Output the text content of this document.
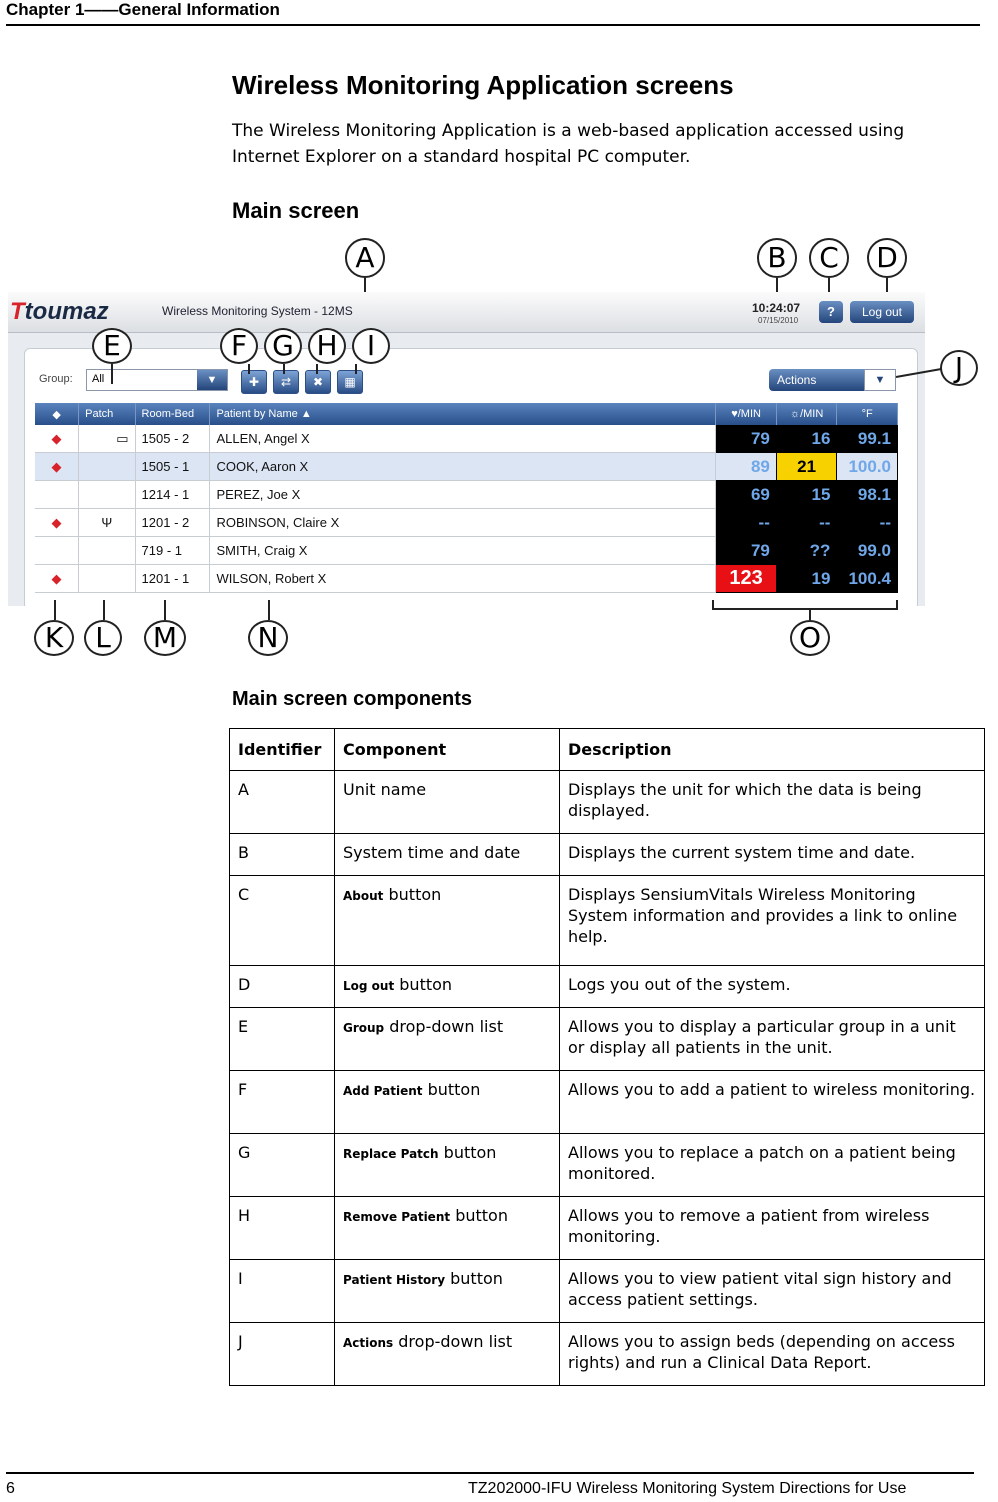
Chapter 1——General Information
Wireless Monitoring Application screens
The Wireless Monitoring Application is a web-based application accessed using Internet Explorer on a standard hospital PC computer.
Main screen
A	B	C	D
Ttoumaz	Wireless Monitoring System - 12MS	10:24:07
07/15/2010
?	Log out
Group: All	▼	✚	⇄	✖	▦	Actions	▼
◆	Patch	Room-Bed	Patient by Name ▲	♥/MIN	☼/MIN	°F
◆	▭	1505 - 2	ALLEN, Angel X	79	16	99.1
◆		1505 - 1	COOK, Aaron X	89	21	100.0
		1214 - 1	PEREZ, Joe X	69	15	98.1
◆	Ψ	1201 - 2	ROBINSON, Claire X	--	--	--
		719 - 1	SMITH, Craig X	79	??	99.0
◆		1201 - 1	WILSON, Robert X	123	19	100.4
E	F G H	I
J
K	L	M	N	O
Main screen components
Identifier	Component	Description
A	Unit name	Displays the unit for which the data is being displayed.
B	System time and date	Displays the current system time and date.
C	About button	Displays SensiumVitals Wireless Monitoring System information and provides a link to online help.
D	Log out button	Logs you out of the system.
E	Group drop-down list	Allows you to display a particular group in a unit or display all patients in the unit.
F	Add Patient button	Allows you to add a patient to wireless monitoring.
G	Replace Patch button	Allows you to replace a patch on a patient being monitored.
H	Remove Patient button	Allows you to remove a patient from wireless monitoring.
I	Patient History button	Allows you to view patient vital sign history and access patient settings.
J	Actions drop-down list	Allows you to assign beds (depending on access rights) and run a Clinical Data Report.
6	TZ202000-IFU Wireless Monitoring System Directions for Use
